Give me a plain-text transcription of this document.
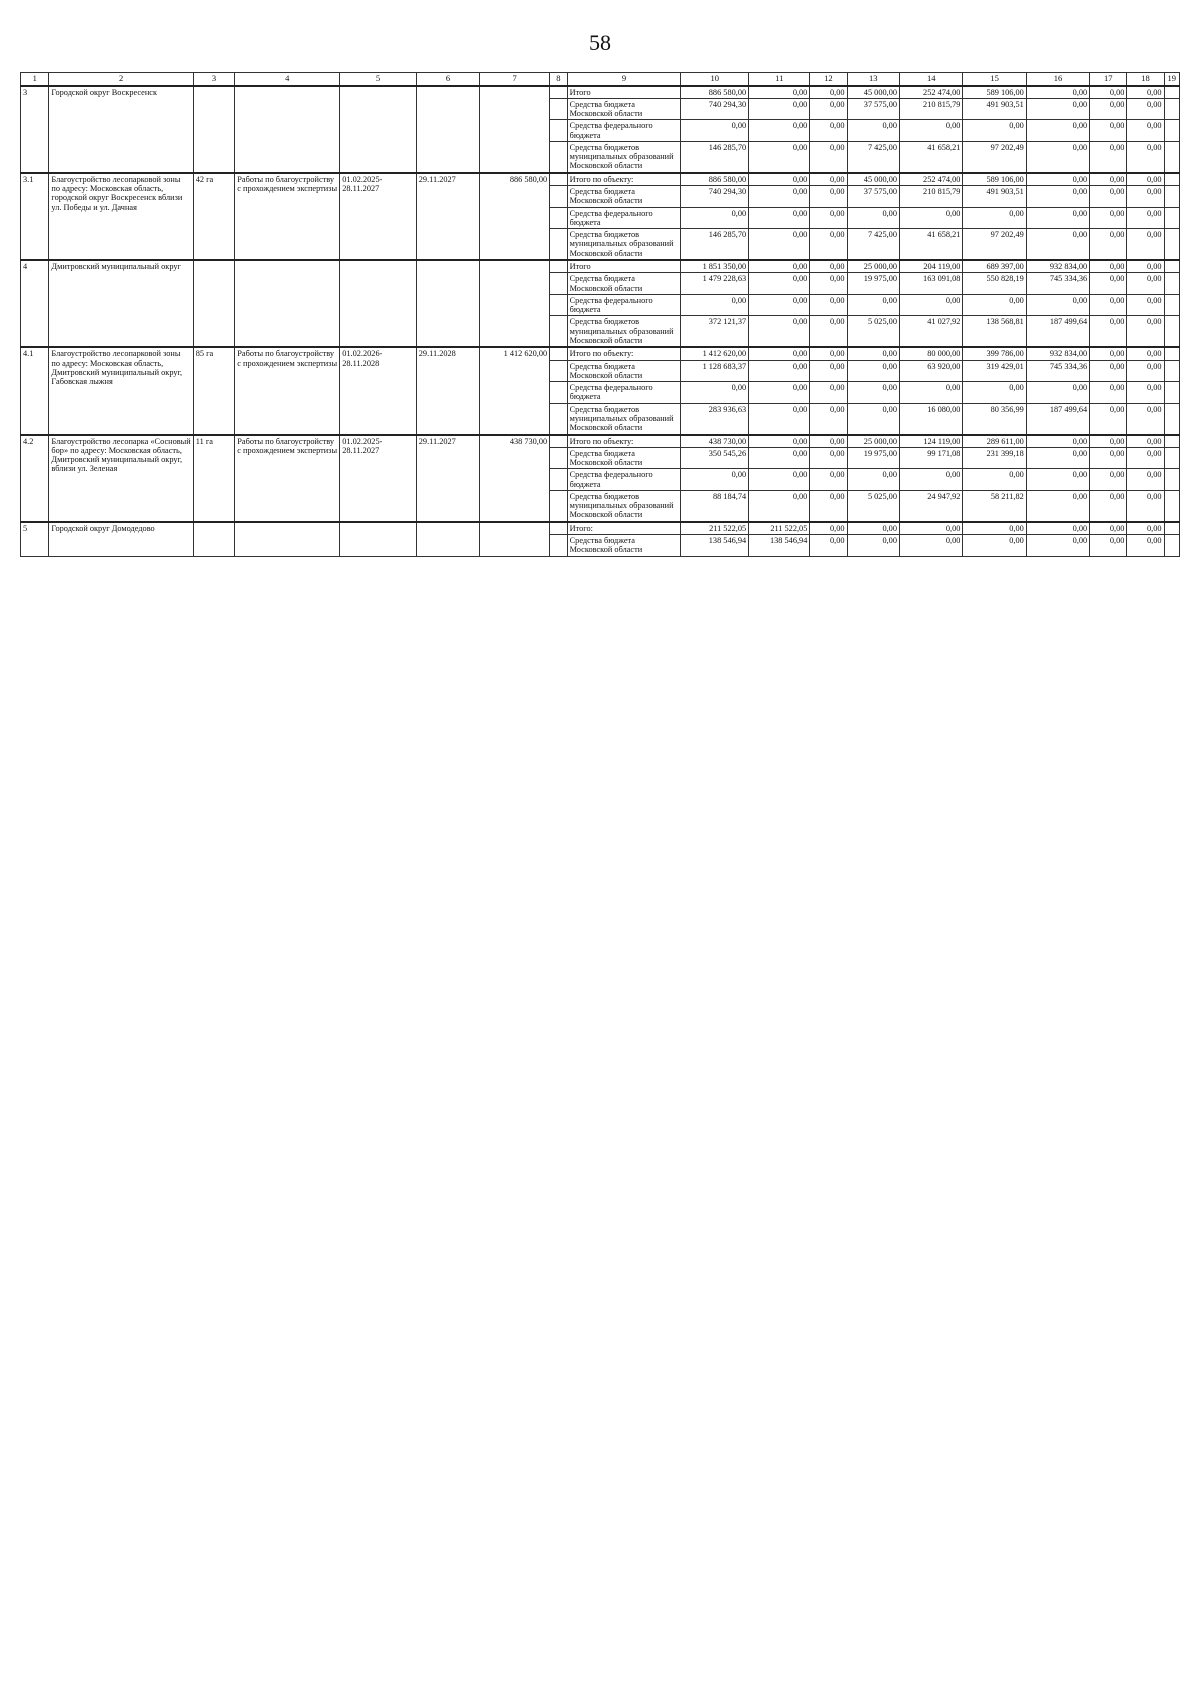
58
1	2	3	4	5	6	7	8	9	10	11	12	13	14	15	16	17	18	19
3	Городской округ Воскресенск							Итого	886 580,00	0,00	0,00	45 000,00	252 474,00	589 106,00	0,00	0,00	0,00	
								Средства бюджета Московской области	740 294,30	0,00	0,00	37 575,00	210 815,79	491 903,51	0,00	0,00	0,00	
								Средства федерального бюджета	0,00	0,00	0,00	0,00	0,00	0,00	0,00	0,00	0,00	
								Средства бюджетов муниципальных образований Московской области	146 285,70	0,00	0,00	7 425,00	41 658,21	97 202,49	0,00	0,00	0,00	
3.1	Благоустройство лесопарковой зоны по адресу: Московская область, городской округ Воскресенск вблизи ул. Победы и ул. Дачная	42 га	Работы по благоустройству с прохождением экспертизы	01.02.2025-28.11.2027	29.11.2027	886 580,00		Итого по объекту:	886 580,00	0,00	0,00	45 000,00	252 474,00	589 106,00	0,00	0,00	0,00	
								Средства бюджета Московской области	740 294,30	0,00	0,00	37 575,00	210 815,79	491 903,51	0,00	0,00	0,00	
								Средства федерального бюджета	0,00	0,00	0,00	0,00	0,00	0,00	0,00	0,00	0,00	
								Средства бюджетов муниципальных образований Московской области	146 285,70	0,00	0,00	7 425,00	41 658,21	97 202,49	0,00	0,00	0,00	
4	Дмитровский муниципальный округ							Итого	1 851 350,00	0,00	0,00	25 000,00	204 119,00	689 397,00	932 834,00	0,00	0,00	
								Средства бюджета Московской области	1 479 228,63	0,00	0,00	19 975,00	163 091,08	550 828,19	745 334,36	0,00	0,00	
								Средства федерального бюджета	0,00	0,00	0,00	0,00	0,00	0,00	0,00	0,00	0,00	
								Средства бюджетов муниципальных образований Московской области	372 121,37	0,00	0,00	5 025,00	41 027,92	138 568,81	187 499,64	0,00	0,00	
4.1	Благоустройство лесопарковой зоны по адресу: Московская область, Дмитровский муниципальный округ, Габовская лыжня	85 га	Работы по благоустройству с прохождением экспертизы	01.02.2026-28.11.2028	29.11.2028	1 412 620,00		Итого по объекту:	1 412 620,00	0,00	0,00	0,00	80 000,00	399 786,00	932 834,00	0,00	0,00	
								Средства бюджета Московской области	1 128 683,37	0,00	0,00	0,00	63 920,00	319 429,01	745 334,36	0,00	0,00	
								Средства федерального бюджета	0,00	0,00	0,00	0,00	0,00	0,00	0,00	0,00	0,00	
								Средства бюджетов муниципальных образований Московской области	283 936,63	0,00	0,00	0,00	16 080,00	80 356,99	187 499,64	0,00	0,00	
4.2	Благоустройство лесопарка «Сосновый бор» по адресу: Московская область, Дмитровский муниципальный округ, вблизи ул. Зеленая	11 га	Работы по благоустройству с прохождением экспертизы	01.02.2025-28.11.2027	29.11.2027	438 730,00		Итого по объекту:	438 730,00	0,00	0,00	25 000,00	124 119,00	289 611,00	0,00	0,00	0,00	
								Средства бюджета Московской области	350 545,26	0,00	0,00	19 975,00	99 171,08	231 399,18	0,00	0,00	0,00	
								Средства федерального бюджета	0,00	0,00	0,00	0,00	0,00	0,00	0,00	0,00	0,00	
								Средства бюджетов муниципальных образований Московской области	88 184,74	0,00	0,00	5 025,00	24 947,92	58 211,82	0,00	0,00	0,00	
5	Городской округ Домодедово							Итого:	211 522,05	211 522,05	0,00	0,00	0,00	0,00	0,00	0,00	0,00	
								Средства бюджета Московской области	138 546,94	138 546,94	0,00	0,00	0,00	0,00	0,00	0,00	0,00	
